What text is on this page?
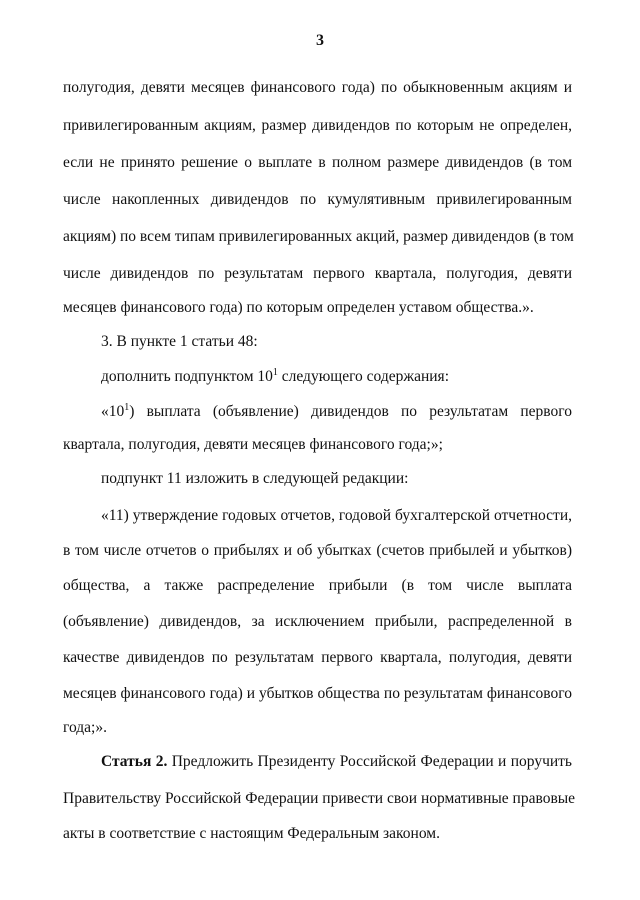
3
полугодия, девяти месяцев финансового года) по обыкновенным акциям и
привилегированным акциям, размер дивидендов по которым не определен,
если не принято решение о выплате в полном размере дивидендов (в том
числе накопленных дивидендов по кумулятивным привилегированным
акциям) по всем типам привилегированных акций, размер дивидендов (в том
числе дивидендов по результатам первого квартала, полугодия, девяти
месяцев финансового года) по которым определен уставом общества.».
3. В пункте 1 статьи 48:
дополнить подпунктом $10^1$ следующего содержания:
«$10^1$) выплата (объявление) дивидендов по результатам первого
квартала, полугодия, девяти месяцев финансового года;»;
подпункт 11 изложить в следующей редакции:
«11) утверждение годовых отчетов, годовой бухгалтерской отчетности,
в том числе отчетов о прибылях и об убытках (счетов прибылей и убытков)
общества, а также распределение прибыли (в том числе выплата
(объявление) дивидендов, за исключением прибыли, распределенной в
качестве дивидендов по результатам первого квартала, полугодия, девяти
месяцев финансового года) и убытков общества по результатам финансового
года;».
Статья 2. Предложить Президенту Российской Федерации и поручить
Правительству Российской Федерации привести свои нормативные правовые
акты в соответствие с настоящим Федеральным законом.
